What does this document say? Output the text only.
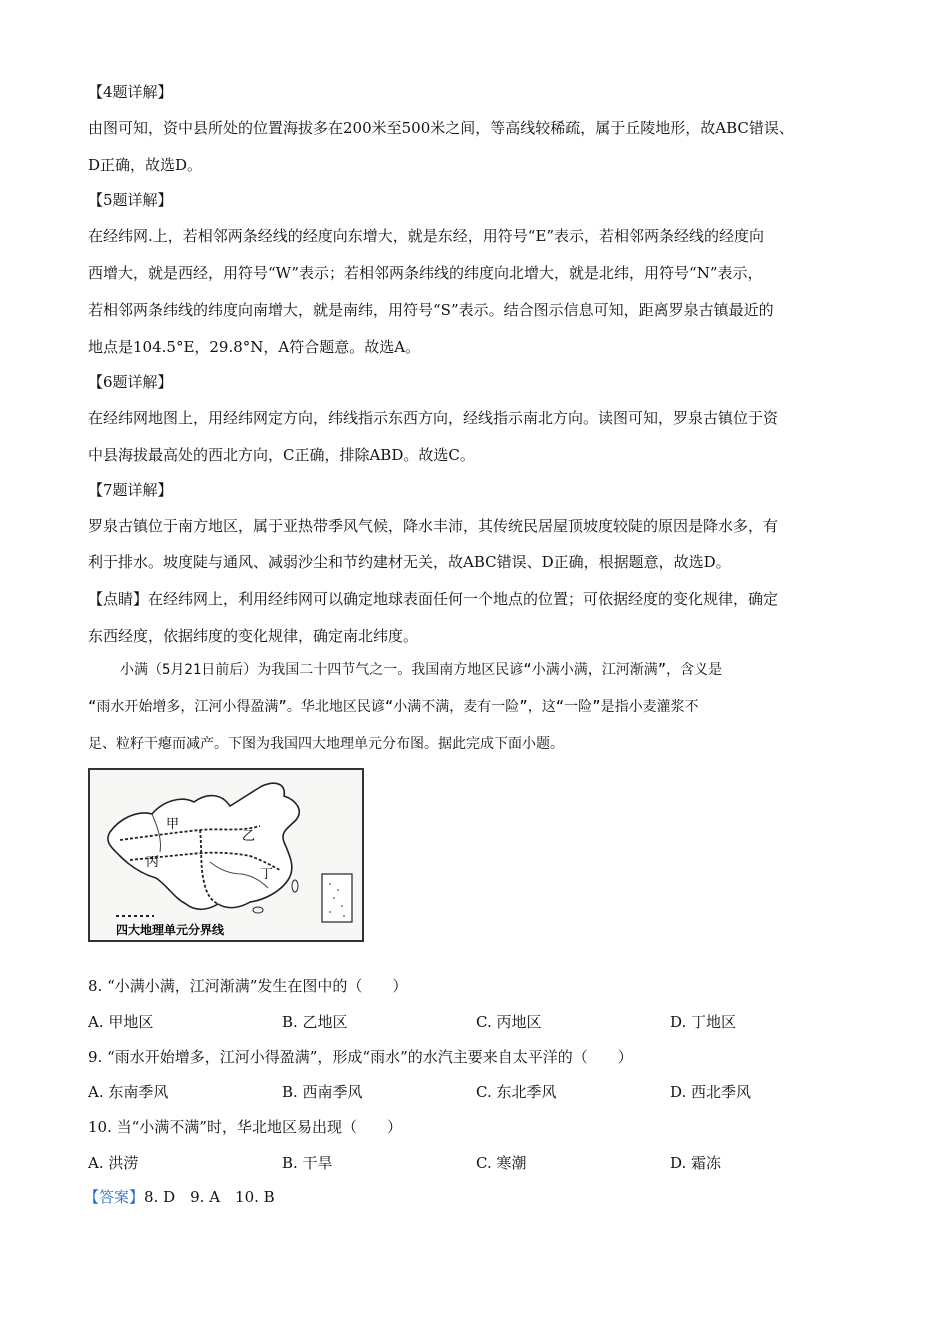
【4题详解】
由图可知，资中县所处的位置海拔多在200米至500米之间，等高线较稀疏，属于丘陵地形，故ABC错误、
D正确，故选D。
【5题详解】
在经纬网.上，若相邻两条经线的经度向东增大，就是东经，用符号“E”表示，若相邻两条经线的经度向
西增大，就是西经，用符号“W”表示；若相邻两条纬线的纬度向北增大，就是北纬，用符号“N”表示，
若相邻两条纬线的纬度向南增大，就是南纬，用符号“S”表示。结合图示信息可知，距离罗泉古镇最近的
地点是104.5°E，29.8°N，A符合题意。故选A。
【6题详解】
在经纬网地图上，用经纬网定方向，纬线指示东西方向，经线指示南北方向。读图可知，罗泉古镇位于资
中县海拔最高处的西北方向，C正确，排除ABD。故选C。
【7题详解】
罗泉古镇位于南方地区，属于亚热带季风气候，降水丰沛，其传统民居屋顶坡度较陡的原因是降水多，有
利于排水。坡度陡与通风、减弱沙尘和节约建材无关，故ABC错误、D正确，根据题意，故选D。
【点睛】在经纬网上，利用经纬网可以确定地球表面任何一个地点的位置；可依据经度的变化规律，确定
东西经度，依据纬度的变化规律，确定南北纬度。
小满（5月21日前后）为我国二十四节气之一。我国南方地区民谚“小满小满，江河渐满”，含义是
“雨水开始增多，江河小得盈满”。华北地区民谚“小满不满，麦有一险”，这“一险”是指小麦灌浆不
足、粒籽干瘪而减产。下图为我国四大地理单元分布图。据此完成下面小题。
甲
乙
丙
丁
四大地理单元分界线
8. “小满小满，江河渐满”发生在图中的（　　）
A. 甲地区	B. 乙地区	C. 丙地区	D. 丁地区
9. “雨水开始增多，江河小得盈满”，形成“雨水”的水汽主要来自太平洋的（　　）
A. 东南季风	B. 西南季风	C. 东北季风	D. 西北季风
10. 当“小满不满”时，华北地区易出现（　　）
A. 洪涝	B. 干旱	C. 寒潮	D. 霜冻
【答案】8. D　9. A　10. B
